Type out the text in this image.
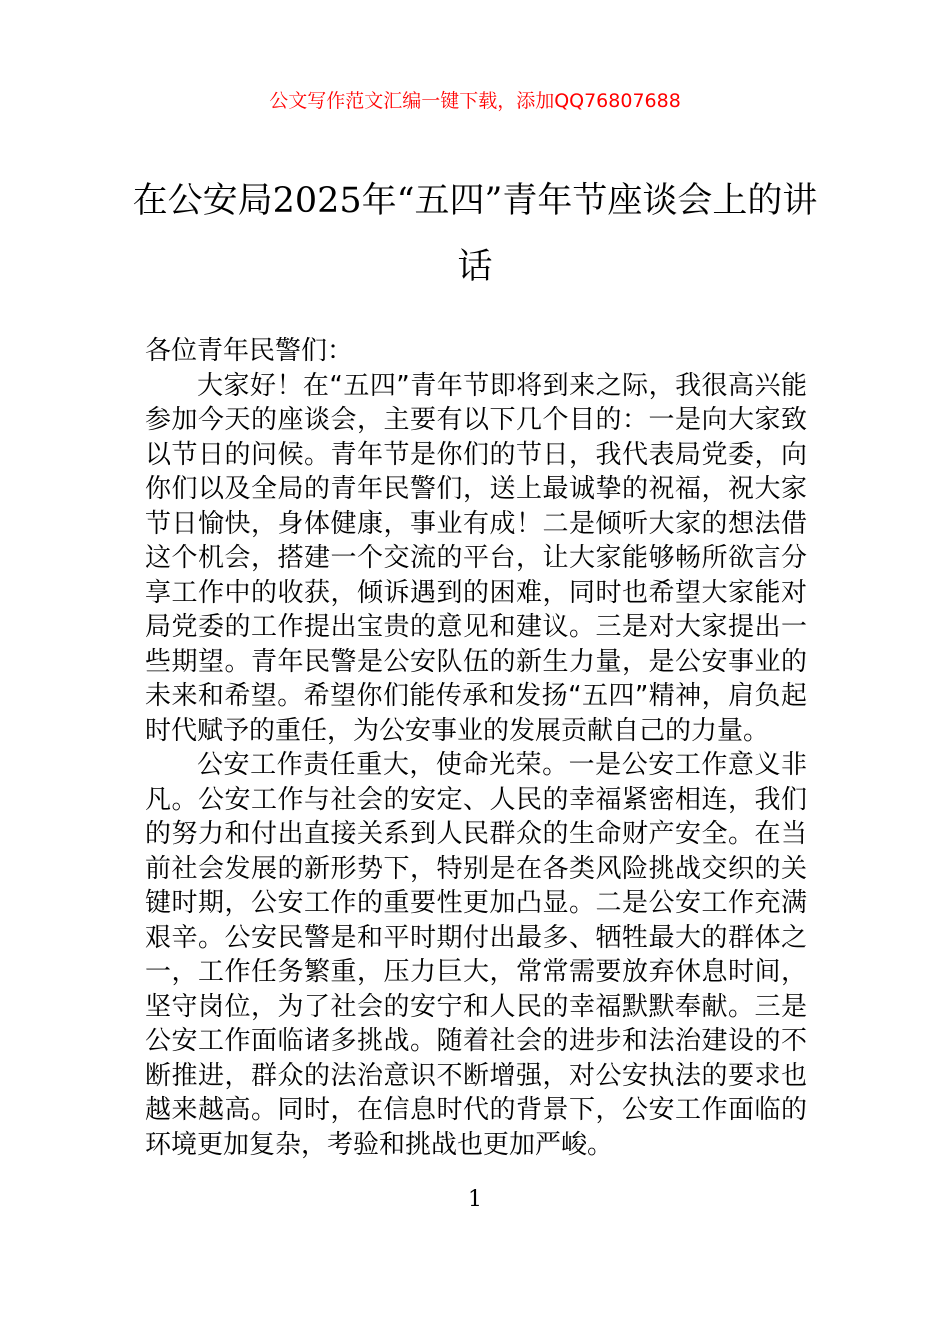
公文写作范文汇编一键下载，添加QQ76807688
在公安局2025年“五四”青年节座谈会上的讲话

各位青年民警们：

大家好！在“五四”青年节即将到来之际，我很高兴能参加今天的座谈会，主要有以下几个目的：一是向大家致以节日的问候。青年节是你们的节日，我代表局党委，向你们以及全局的青年民警们，送上最诚挚的祝福，祝大家节日愉快，身体健康，事业有成！二是倾听大家的想法借这个机会，搭建一个交流的平台，让大家能够畅所欲言分享工作中的收获，倾诉遇到的困难，同时也希望大家能对局党委的工作提出宝贵的意见和建议。三是对大家提出一些期望。青年民警是公安队伍的新生力量，是公安事业的未来和希望。希望你们能传承和发扬“五四”精神，肩负起时代赋予的重任，为公安事业的发展贡献自己的力量。

公安工作责任重大，使命光荣。一是公安工作意义非凡。公安工作与社会的安定、人民的幸福紧密相连，我们的努力和付出直接关系到人民群众的生命财产安全。在当前社会发展的新形势下，特别是在各类风险挑战交织的关键时期，公安工作的重要性更加凸显。二是公安工作充满艰辛。公安民警是和平时期付出最多、牺牲最大的群体之一，工作任务繁重，压力巨大，常常需要放弃休息时间，坚守岗位，为了社会的安宁和人民的幸福默默奉献。三是公安工作面临诸多挑战。随着社会的进步和法治建设的不断推进，群众的法治意识不断增强，对公安执法的要求也越来越高。同时，在信息时代的背景下，公安工作面临的环境更加复杂，考验和挑战也更加严峻。

1
